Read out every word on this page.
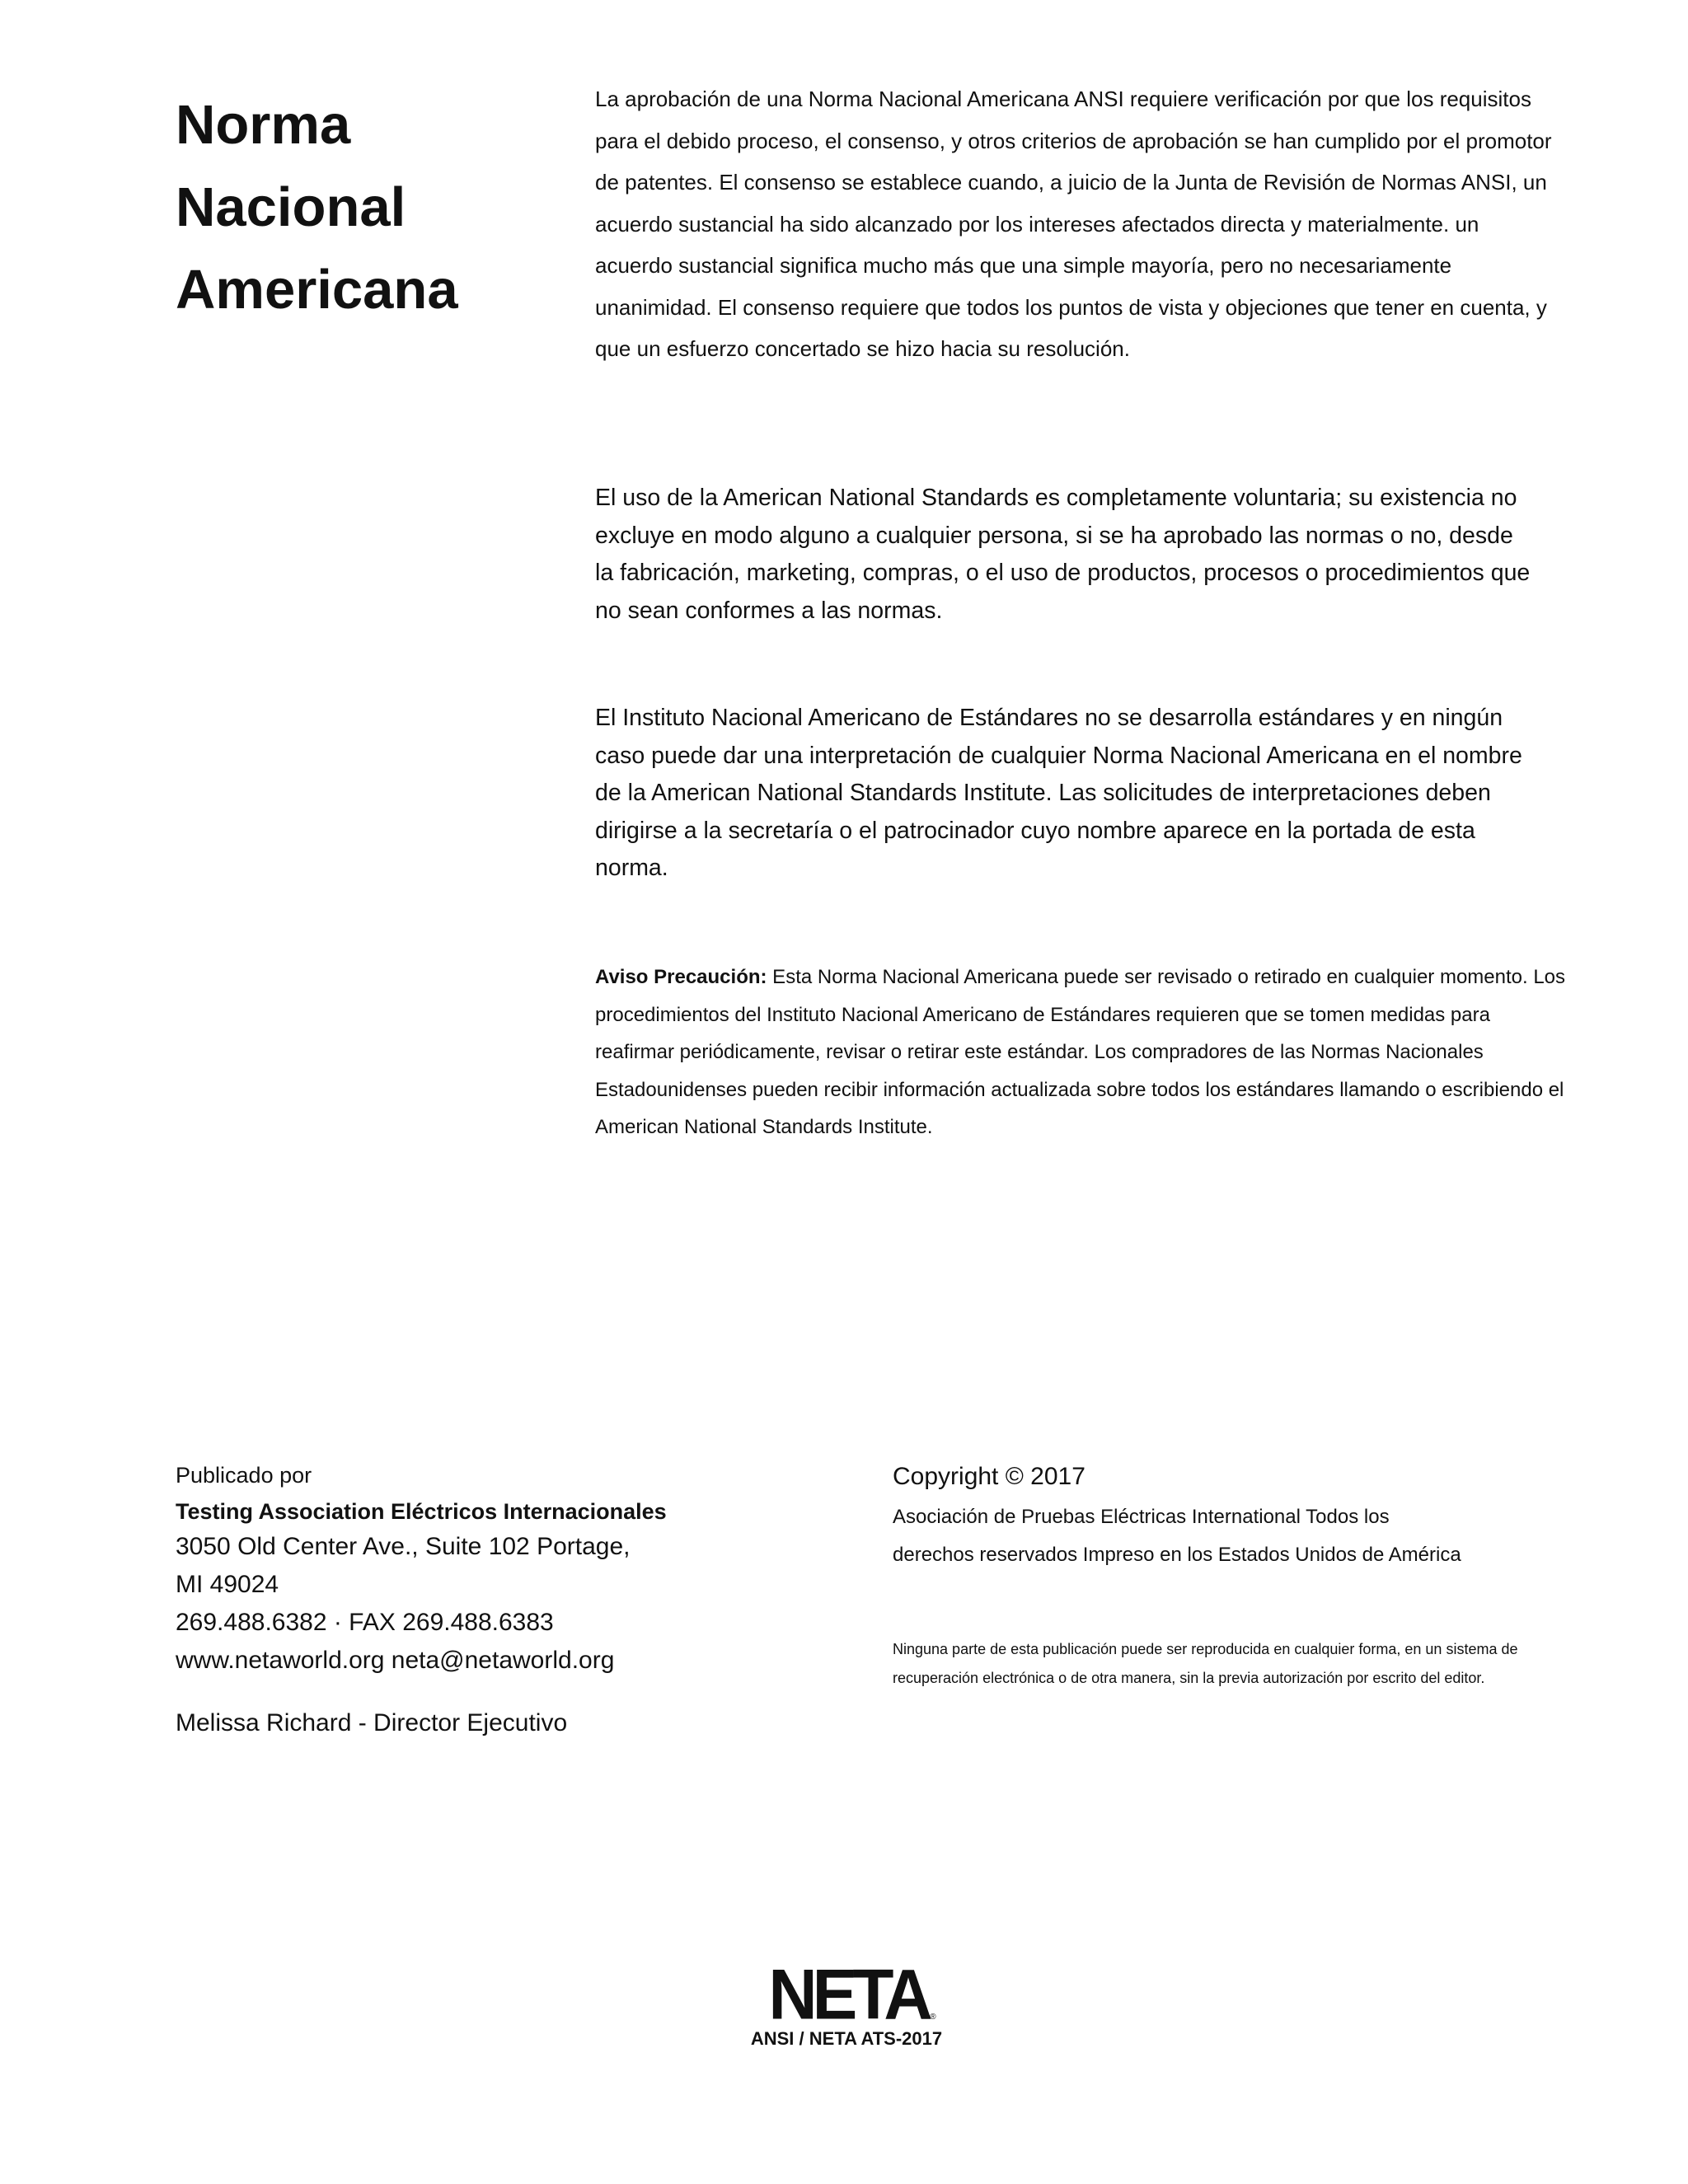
Norma
Nacional
Americana

La aprobación de una Norma Nacional Americana ANSI requiere verificación por que los requisitos para el debido proceso, el consenso, y otros criterios de aprobación se han cumplido por el promotor de patentes. El consenso se establece cuando, a juicio de la Junta de Revisión de Normas ANSI, un acuerdo sustancial ha sido alcanzado por los intereses afectados directa y materialmente. un acuerdo sustancial significa mucho más que una simple mayoría, pero no necesariamente unanimidad. El consenso requiere que todos los puntos de vista y objeciones que tener en cuenta, y que un esfuerzo concertado se hizo hacia su resolución.

El uso de la American National Standards es completamente voluntaria; su existencia no excluye en modo alguno a cualquier persona, si se ha aprobado las normas o no, desde la fabricación, marketing, compras, o el uso de productos, procesos o procedimientos que no sean conformes a las normas.

El Instituto Nacional Americano de Estándares no se desarrolla estándares y en ningún caso puede dar una interpretación de cualquier Norma Nacional Americana en el nombre de la American National Standards Institute. Las solicitudes de interpretaciones deben dirigirse a la secretaría o el patrocinador cuyo nombre aparece en la portada de esta norma.

Aviso Precaución: Esta Norma Nacional Americana puede ser revisado o retirado en cualquier momento. Los procedimientos del Instituto Nacional Americano de Estándares requieren que se tomen medidas para reafirmar periódicamente, revisar o retirar este estándar. Los compradores de las Normas Nacionales Estadounidenses pueden recibir información actualizada sobre todos los estándares llamando o escribiendo el American National Standards Institute.

Publicado por

Testing Association Eléctricos Internacionales

3050 Old Center Ave., Suite 102 Portage,

MI 49024

269.488.6382 · FAX 269.488.6383

www.netaworld.org neta@netaworld.org

Melissa Richard - Director Ejecutivo

Copyright © 2017

Asociación de Pruebas Eléctricas International Todos los

derechos reservados Impreso en los Estados Unidos de América

Ninguna parte de esta publicación puede ser reproducida en cualquier forma, en un sistema de
recuperación electrónica o de otra manera, sin la previa autorización por escrito del editor.

NETA ®
ANSI / NETA ATS-2017
